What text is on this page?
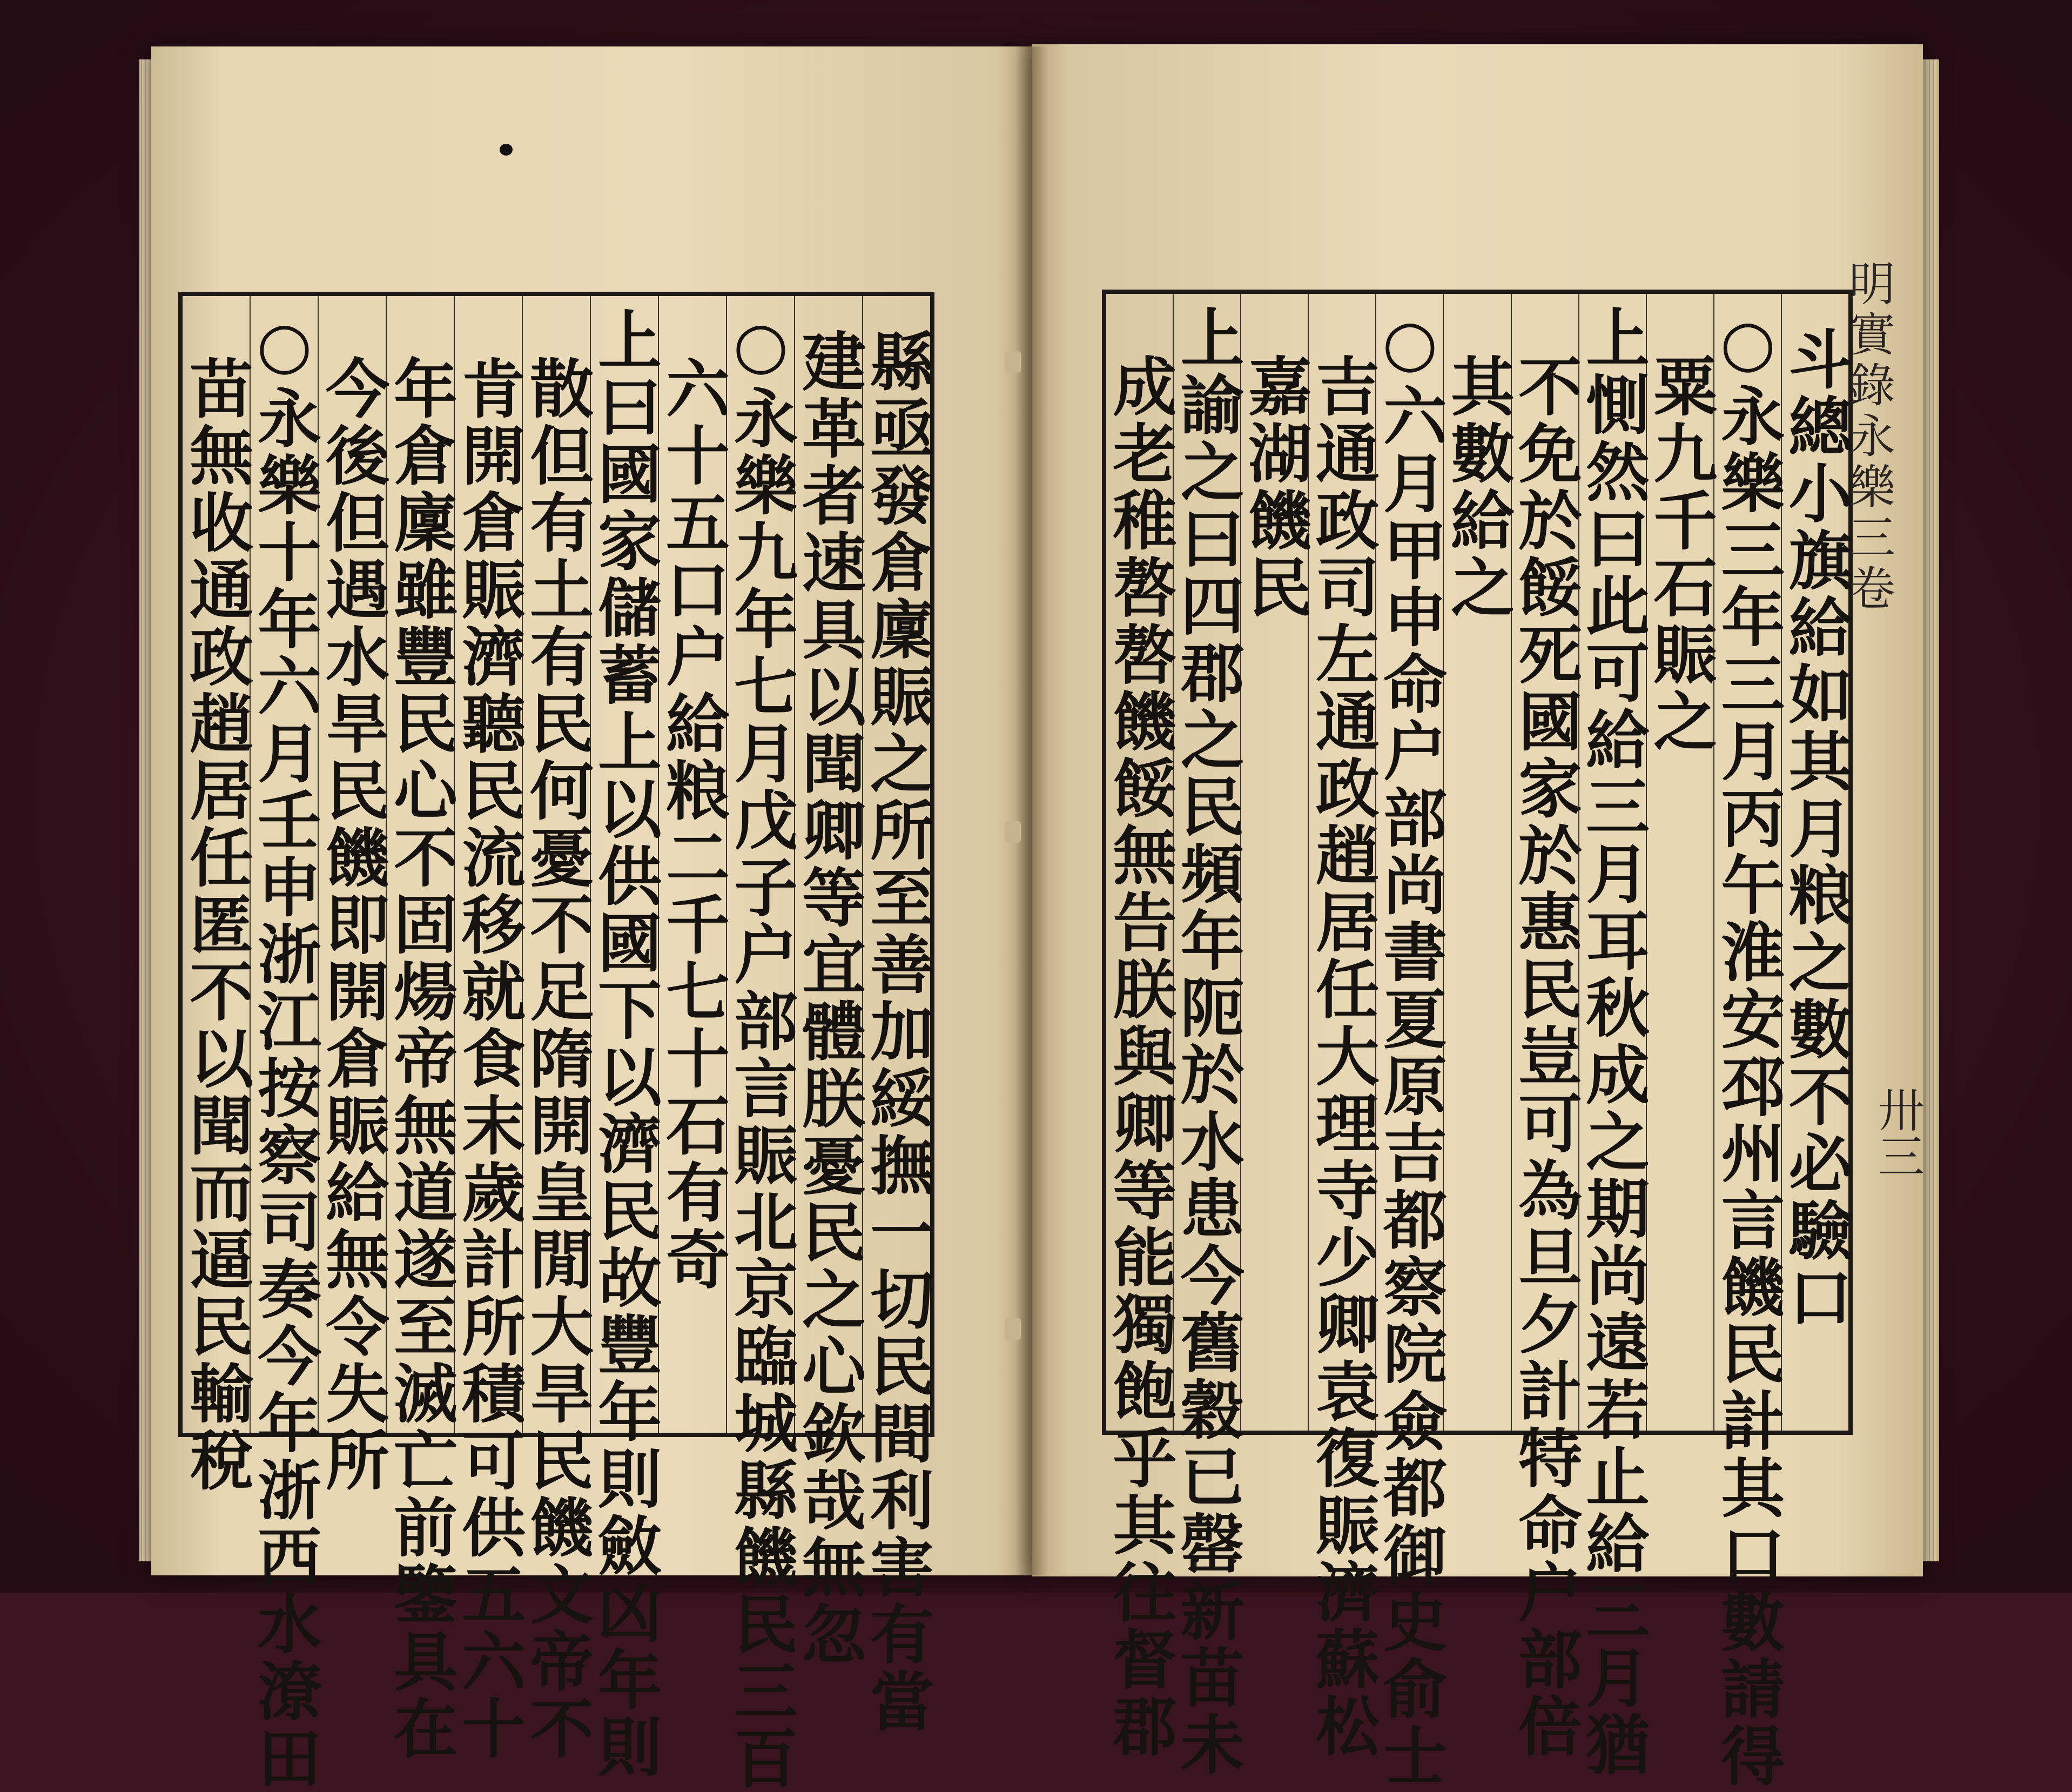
縣亟發倉廩賑之所至善加綏撫一切民間利害有當
建革者速具以聞卿等宜體朕憂民之心欽哉無忽
○永樂九年七月戊子户部言賑北京臨城縣饑民三百
六十五口户給粮二千七十石有奇
上曰國家儲蓄上以供國下以濟民故豐年則斂凶年則
散但有土有民何憂不足隋開皇閒大旱民饑文帝不
肯開倉賑濟聽民流移就食末歲計所積可供五六十
年倉廩雖豐民心不固煬帝無道遂至滅亡前鑒具在
今後但遇水旱民饑即開倉賑給無令失所
○永樂十年六月壬申浙江按察司奏今年浙西水潦田
苗無收通政趙居任匿不以聞而逼民輸稅	斗總小旗給如其月粮之數不必驗口
○永樂三年三月丙午淮安邳州言饑民計其口數請得
粟九千石賑之
上惻然曰此可給三月耳秋成之期尚遠若止給三月猶
不免於餒死國家於惠民豈可為旦夕計特命户部倍
其數給之
○六月甲申命户部尚書夏原吉都察院僉都御史俞士
吉通政司左通政趙居任大理寺少卿袁復賑濟蘇松
嘉湖饑民
上諭之曰四郡之民頻年阨於水患今舊穀已罄新苗未
成老稚嗸嗸饑餒無告朕與卿等能獨飽乎其往督郡	明實錄永樂三卷
卅三
